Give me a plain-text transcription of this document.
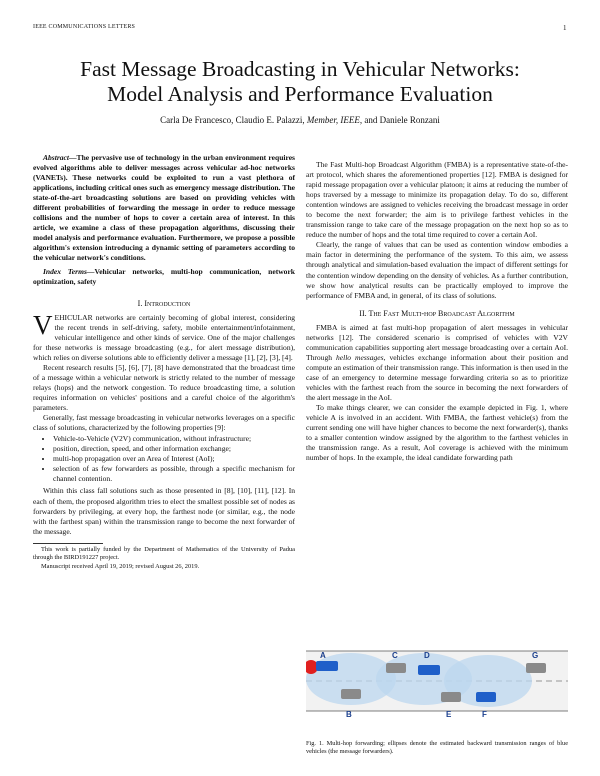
IEEE COMMUNICATIONS LETTERS	1
Fast Message Broadcasting in Vehicular Networks:
Model Analysis and Performance Evaluation
Carla De Francesco, Claudio E. Palazzi, Member, IEEE, and Daniele Ronzani

Abstract—The pervasive use of technology in the urban environment requires evolved algorithms able to deliver messages across vehicular ad-hoc networks (VANETs). These networks could be exploited to run a vast plethora of applications, including critical ones such as emergency message distribution. The state-of-the-art broadcasting solutions are based on providing vehicles with different probabilities of forwarding the message in order to reduce message collisions and the number of hops to cover a certain area of interest. In this article, we examine a class of these propagation algorithms, discussing their model analysis and performance evaluation. Furthermore, we propose a possible algorithm's extension introducing a dynamic setting of parameters according to the vehicular network's conditions.

Index Terms—Vehicular networks, multi-hop communication, network optimization, safety

I. Introduction

VEHICULAR networks are certainly becoming of global interest, considering the recent trends in self-driving, safety, mobile entertainment/infotainment, vehicular intelligence and other kinds of service. One of the major challenges for these networks is message broadcasting (e.g., for alert message distribution), which relies on diverse solutions able to efficiently deliver a message [1], [2], [3], [4].

Recent research results [5], [6], [7], [8] have demonstrated that the broadcast time of a message within a vehicular network is strictly related to the number of message relays (hops) and the network congestion. To reduce broadcasting time, a solution requires information on vehicles' positions and a careful choice of the algorithm's parameters.

Generally, fast message broadcasting in vehicular networks leverages on a specific class of solutions, characterized by the following properties [9]:

• Vehicle-to-Vehicle (V2V) communication, without infrastructure;
• position, direction, speed, and other information exchange;
• multi-hop propagation over an Area of Interest (AoI);
• selection of as few forwarders as possible, through a specific mechanism for channel contention.

Within this class fall solutions such as those presented in [8], [10], [11], [12]. In each of them, the proposed algorithm tries to elect the smallest possible set of nodes as forwarders by privileging, at every hop, the farthest node (or similar, e.g., the node with the farthest span) within the transmission range to become the next forwarder of the message.

This work is partially funded by the Department of Mathematics of the University of Padua through the BIRD191227 project.

Manuscript received April 19, 2019; revised August 26, 2019.

The Fast Multi-hop Broadcast Algorithm (FMBA) is a representative state-of-the-art protocol, which shares the aforementioned properties [12]. FMBA is designed for rapid message propagation over a vehicular platoon; it aims at reducing the number of hops traversed by a message to minimize its propagation delay. To do so, different contention windows are assigned to vehicles receiving the broadcast message in order to become the next forwarder; the aim is to privilege farthest vehicles in the transmission range to take care of the message propagation on the next hop so as to reduce the number of hops and the total time required to cover a certain AoI.

Clearly, the range of values that can be used as contention window embodies a main factor in determining the performance of the system. To this aim, we assess through analytical and simulation-based evaluation the impact of different settings for the contention window depending on the density of vehicles. As a further contribution, we show how analytical results can be practically employed to improve the performance of FMBA and, in general, of its class of solutions.

II. The Fast Multi-hop Broadcast Algorithm

FMBA is aimed at fast multi-hop propagation of alert messages in vehicular networks [12]. The considered scenario is comprised of vehicles with V2V communication capabilities supporting alert message broadcasting over a certain AoI. Through hello messages, vehicles exchange information about their position and compute an estimation of their transmission range. This information is then used in the case of an emergency to determine message forwarding criteria so as to prioritize vehicles with the farthest reach from the source in becoming the next forwarders of the alert message in the AoI.

To make things clearer, we can consider the example depicted in Fig. 1, where vehicle A is involved in an accident. With FMBA, the farthest vehicle(s) from the current sending one will have higher chances to become the next forwarder(s), thanks to a smaller contention window assigned by the algorithm to the farthest vehicles in the transmission range. As a result, AoI coverage is achieved with the minimum number of hops. In the example, the ideal candidate forwarding path

A
B
C	D
E	F
G
Fig. 1. Multi-hop forwarding; ellipses denote the estimated backward transmission ranges of blue vehicles (the message forwarders).
